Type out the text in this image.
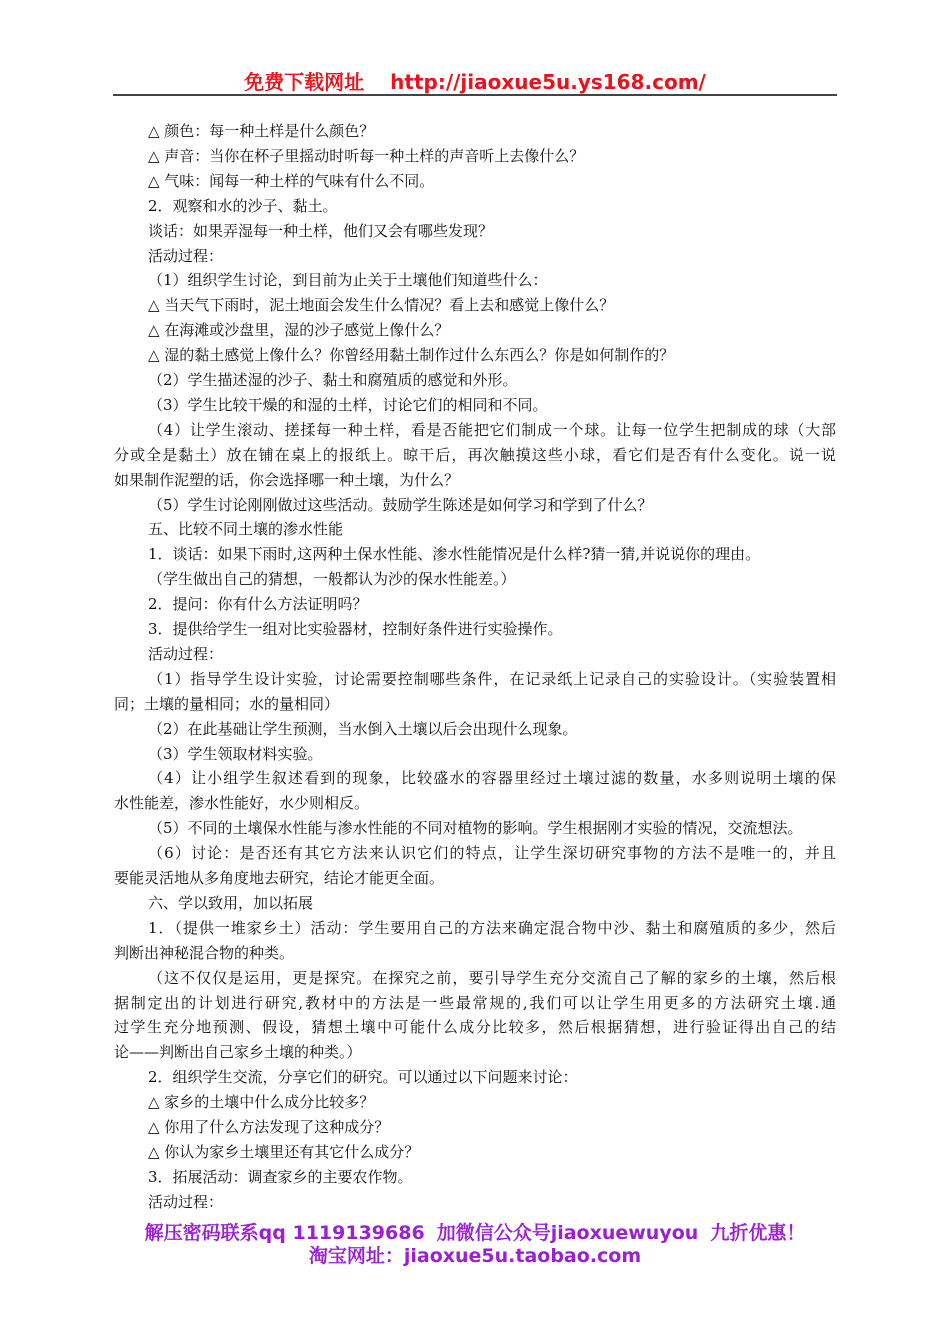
免费下载网址 http://jiaoxue5u.ys168.com/
△ 颜色：每一种土样是什么颜色？
△ 声音：当你在杯子里摇动时听每一种土样的声音听上去像什么？
△ 气味：闻每一种土样的气味有什么不同。
2．观察和水的沙子、黏土。
谈话：如果弄湿每一种土样，他们又会有哪些发现？
活动过程：
（1）组织学生讨论，到目前为止关于土壤他们知道些什么：
△ 当天气下雨时，泥土地面会发生什么情况？看上去和感觉上像什么？
△ 在海滩或沙盘里，湿的沙子感觉上像什么？
△ 湿的黏土感觉上像什么？你曾经用黏土制作过什么东西么？你是如何制作的？
（2）学生描述湿的沙子、黏土和腐殖质的感觉和外形。
（3）学生比较干燥的和湿的土样，讨论它们的相同和不同。
（4）让学生滚动、搓揉每一种土样，看是否能把它们制成一个球。让每一位学生把制成的球（大部
分或全是黏土）放在铺在桌上的报纸上。晾干后，再次触摸这些小球，看它们是否有什么变化。说一说
如果制作泥塑的话，你会选择哪一种土壤，为什么？
（5）学生讨论刚刚做过这些活动。鼓励学生陈述是如何学习和学到了什么？
五、比较不同土壤的渗水性能
1．谈话：如果下雨时,这两种土保水性能、渗水性能情况是什么样?猜一猜,并说说你的理由。
（学生做出自己的猜想，一般都认为沙的保水性能差。）
2．提问：你有什么方法证明吗？
3．提供给学生一组对比实验器材，控制好条件进行实验操作。
活动过程：
（1）指导学生设计实验，讨论需要控制哪些条件，在记录纸上记录自己的实验设计。（实验装置相
同；土壤的量相同；水的量相同）
（2）在此基础让学生预测，当水倒入土壤以后会出现什么现象。
（3）学生领取材料实验。
（4）让小组学生叙述看到的现象，比较盛水的容器里经过土壤过滤的数量，水多则说明土壤的保
水性能差，渗水性能好，水少则相反。
（5）不同的土壤保水性能与渗水性能的不同对植物的影响。学生根据刚才实验的情况，交流想法。
（6）讨论：是否还有其它方法来认识它们的特点，让学生深切研究事物的方法不是唯一的，并且
要能灵活地从多角度地去研究，结论才能更全面。
六、学以致用，加以拓展
1．（提供一堆家乡土）活动：学生要用自己的方法来确定混合物中沙、黏土和腐殖质的多少，然后
判断出神秘混合物的种类。
（这不仅仅是运用，更是探究。在探究之前，要引导学生充分交流自己了解的家乡的土壤，然后根
据制定出的计划进行研究,教材中的方法是一些最常规的,我们可以让学生用更多的方法研究土壤.通
过学生充分地预测、假设，猜想土壤中可能什么成分比较多，然后根据猜想，进行验证得出自己的结
论——判断出自己家乡土壤的种类。）
2．组织学生交流，分享它们的研究。可以通过以下问题来讨论：
△ 家乡的土壤中什么成分比较多？
△ 你用了什么方法发现了这种成分？
△ 你认为家乡土壤里还有其它什么成分？
3．拓展活动：调查家乡的主要农作物。
活动过程：
解压密码联系qq 1119139686 加微信公众号jiaoxuewuyou 九折优惠！
淘宝网址：jiaoxue5u.taobao.com
